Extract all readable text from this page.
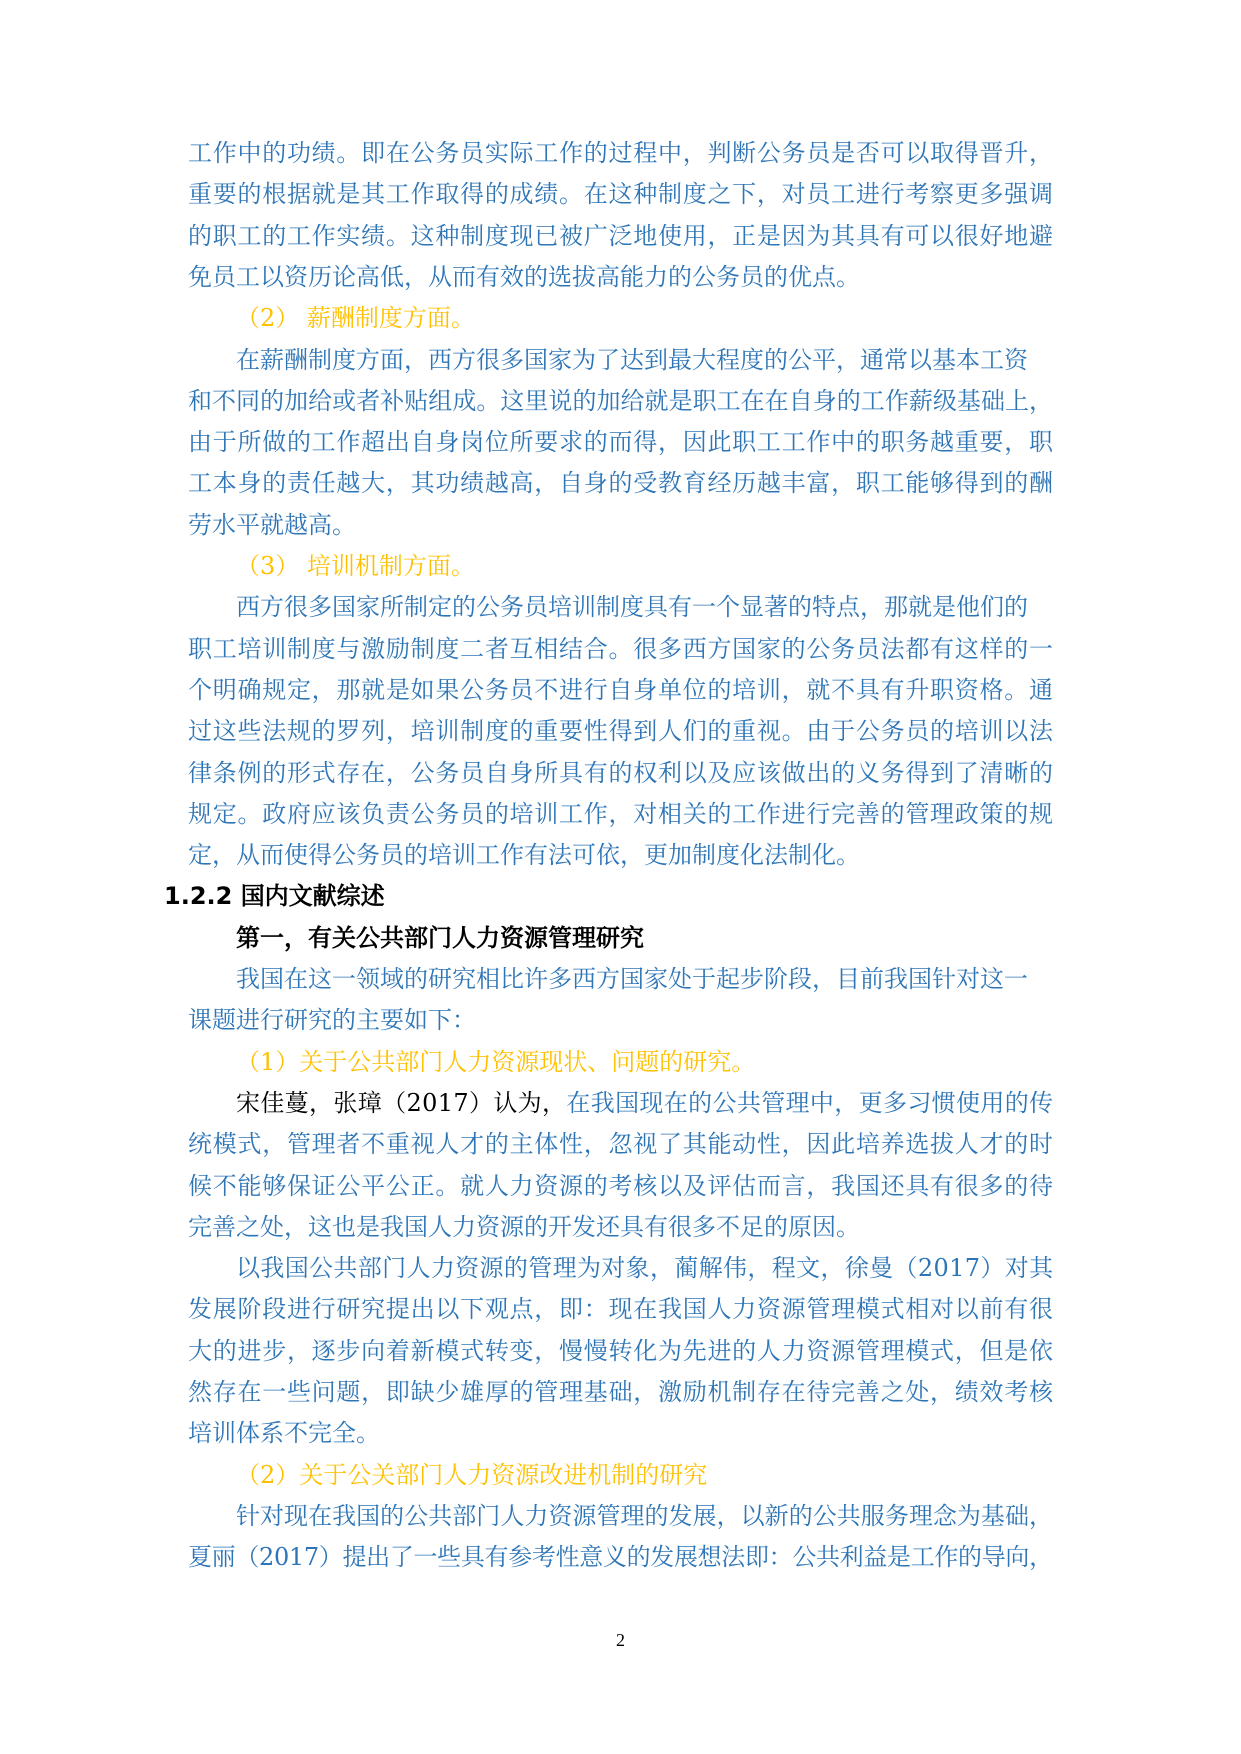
工作中的功绩。即在公务员实际工作的过程中，判断公务员是否可以取得晋升，
重要的根据就是其工作取得的成绩。在这种制度之下，对员工进行考察更多强调
的职工的工作实绩。这种制度现已被广泛地使用，正是因为其具有可以很好地避
免员工以资历论高低，从而有效的选拔高能力的公务员的优点。
（2） 薪酬制度方面。
在薪酬制度方面，西方很多国家为了达到最大程度的公平，通常以基本工资
和不同的加给或者补贴组成。这里说的加给就是职工在在自身的工作薪级基础上，
由于所做的工作超出自身岗位所要求的而得，因此职工工作中的职务越重要，职
工本身的责任越大，其功绩越高，自身的受教育经历越丰富，职工能够得到的酬
劳水平就越高。
（3） 培训机制方面。
西方很多国家所制定的公务员培训制度具有一个显著的特点，那就是他们的
职工培训制度与激励制度二者互相结合。很多西方国家的公务员法都有这样的一
个明确规定，那就是如果公务员不进行自身单位的培训，就不具有升职资格。通
过这些法规的罗列，培训制度的重要性得到人们的重视。由于公务员的培训以法
律条例的形式存在，公务员自身所具有的权利以及应该做出的义务得到了清晰的
规定。政府应该负责公务员的培训工作，对相关的工作进行完善的管理政策的规
定，从而使得公务员的培训工作有法可依，更加制度化法制化。
1.2.2 国内文献综述
第一，有关公共部门人力资源管理研究
我国在这一领域的研究相比许多西方国家处于起步阶段，目前我国针对这一
课题进行研究的主要如下：
（1）关于公共部门人力资源现状、问题的研究。
宋佳蔓，张璋（2017）认为，在我国现在的公共管理中，更多习惯使用的传
统模式，管理者不重视人才的主体性，忽视了其能动性，因此培养选拔人才的时
候不能够保证公平公正。就人力资源的考核以及评估而言，我国还具有很多的待
完善之处，这也是我国人力资源的开发还具有很多不足的原因。
以我国公共部门人力资源的管理为对象，蔺解伟，程文，徐曼（2017）对其
发展阶段进行研究提出以下观点，即：现在我国人力资源管理模式相对以前有很
大的进步，逐步向着新模式转变，慢慢转化为先进的人力资源管理模式，但是依
然存在一些问题，即缺少雄厚的管理基础，激励机制存在待完善之处，绩效考核
培训体系不完全。
（2）关于公关部门人力资源改进机制的研究
针对现在我国的公共部门人力资源管理的发展，以新的公共服务理念为基础，
夏丽（2017）提出了一些具有参考性意义的发展想法即：公共利益是工作的导向，
2
